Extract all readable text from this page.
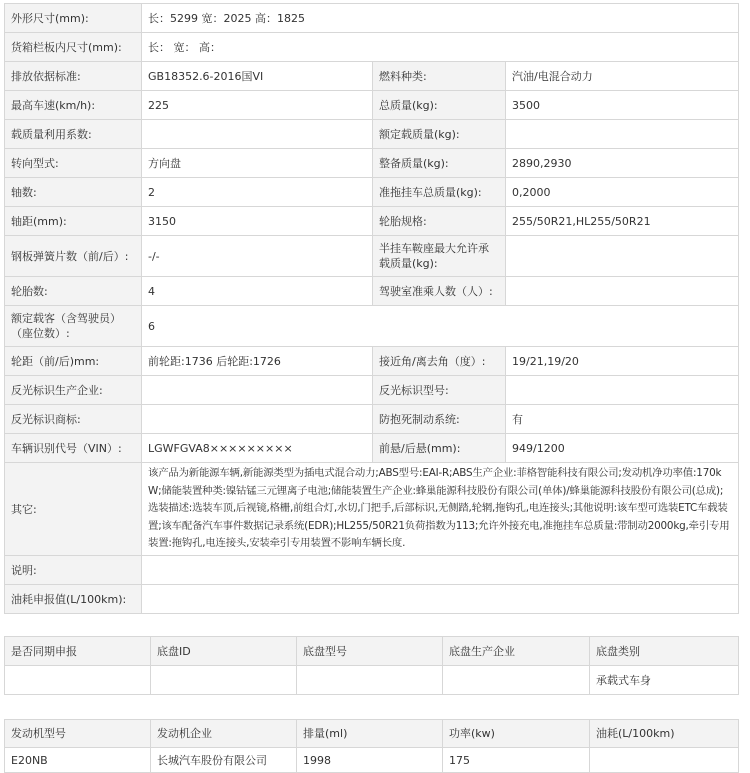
外形尺寸(mm):	长：5299 宽：2025 高：1825		
货箱栏板内尺寸(mm):	长： 宽： 高：		
排放依据标准:	GB18352.6-2016国VI	燃料种类:	汽油/电混合动力
最高车速(km/h):	225	总质量(kg):	3500
载质量利用系数:		额定载质量(kg):	
转向型式:	方向盘	整备质量(kg):	2890,2930
轴数:	2	准拖挂车总质量(kg):	0,2000
轴距(mm):	3150	轮胎规格:	255/50R21,HL255/50R21
钢板弹簧片数（前/后）:	-/-	半挂车鞍座最大允许承载质量(kg):	
轮胎数:	4	驾驶室准乘人数（人）:	
额定载客（含驾驶员）（座位数）:	6		
轮距（前/后)mm:	前轮距:1736 后轮距:1726	接近角/离去角（度）:	19/21,19/20
反光标识生产企业:		反光标识型号:	
反光标识商标:		防抱死制动系统:	有
车辆识别代号（VIN）:	LGWFGVA8×××××××××	前悬/后悬(mm):	949/1200
其它:	该产品为新能源车辆,新能源类型为插电式混合动力;ABS型号:EAI-R;ABS生产企业:菲格智能科技有限公司;发动机净功率值:170kW;储能装置种类:镍钴锰三元锂离子电池;储能装置生产企业:蜂巢能源科技股份有限公司(单体)/蜂巢能源科技股份有限公司(总成);选装描述:选装车顶,后视镜,格栅,前组合灯,水切,门把手,后部标识,无侧踏,轮辋,拖钩孔,电连接头;其他说明:该车型可选装ETC车载装置;该车配备汽车事件数据记录系统(EDR);HL255/50R21负荷指数为113;允许外接充电,准拖挂车总质量:带制动2000kg,牵引专用装置:拖钩孔,电连接头,安装牵引专用装置不影响车辆长度.		
说明:			
油耗申报值(L/100km):			
是否同期申报	底盘ID	底盘型号	底盘生产企业	底盘类别
				承载式车身
发动机型号	发动机企业	排量(ml)	功率(kw)	油耗(L/100km)
E20NB	长城汽车股份有限公司	1998	175	
